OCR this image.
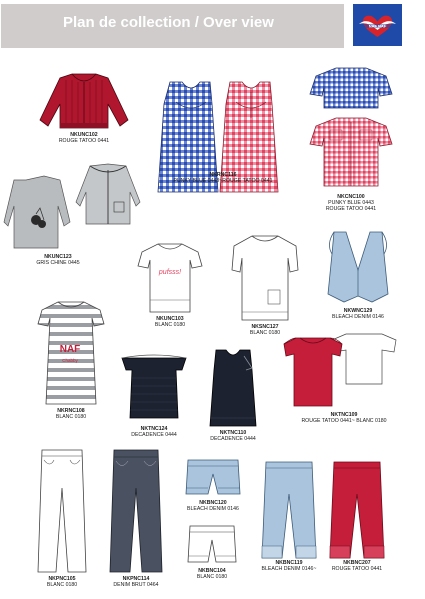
Plan de collection / Over view	NAF NAF
NKUNC102
ROUGE TATOO 0441
NKRNC116
PUNKY BLUE 0443~ROUGE TATOO 0441
NKCNC100
PUNKY BLUE 0443
ROUGE TATOO 0441
NKUNC123
GRIS CHINE 0445
pufsss!
NKUNC103
BLANC 0180	NKSNC127
BLANC 0180
NKWNC129
BLEACH DENIM 0146
NAF
Chabby
NKRNC108
BLANC 0180
NKTNC124
DECADENCE 0444	NKTNC110
DECADENCE 0444
NKTNC109
ROUGE TATOO 0441~ BLANC 0180
NKPNC105
BLANC 0180
NKPNC114
DENIM BRUT 0464
NKBNC120
BLEACH DENIM 0146
NKBNC104
BLANC 0180
NKBNC119
BLEACH DENIM 0146~
NKBNC207
ROUGE TATOO 0441
